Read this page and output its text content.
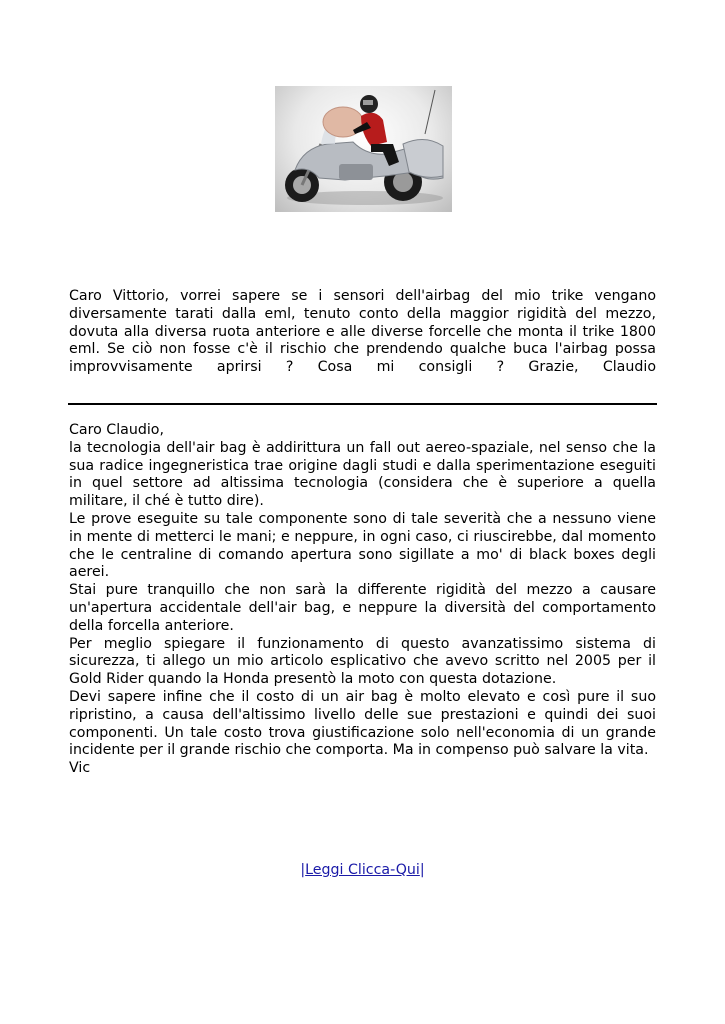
Caro Vittorio, vorrei sapere se i sensori dell'airbag del mio trike vengano diversamente tarati dalla eml, tenuto conto della maggior rigidità del mezzo, dovuta alla diversa ruota anteriore e alle diverse forcelle che monta il trike 1800 eml. Se ciò non fosse c'è il rischio che prendendo qualche buca l'airbag possa improvvisamente aprirsi ? Cosa mi consigli ? Grazie, Claudio

Caro Claudio,

la tecnologia dell'air bag è addirittura un fall out aereo-spaziale, nel senso che la sua radice ingegneristica trae origine dagli studi e dalla sperimentazione eseguiti in quel settore ad altissima tecnologia (considera che è superiore a quella militare, il ché è tutto dire).

Le prove eseguite su tale componente sono di tale severità che a nessuno viene in mente di metterci le mani; e neppure, in ogni caso, ci riuscirebbe, dal momento che le centraline di comando apertura sono sigillate a mo' di black boxes degli aerei.

Stai pure tranquillo che non sarà la differente rigidità del mezzo a causare un'apertura accidentale dell'air bag, e neppure la diversità del comportamento della forcella anteriore.

Per meglio spiegare il funzionamento di questo avanzatissimo sistema di sicurezza, ti allego un mio articolo esplicativo che avevo scritto nel 2005 per il Gold Rider quando la Honda presentò la moto con questa dotazione.

Devi sapere infine che il costo di un air bag è molto elevato e così pure il suo ripristino, a causa dell'altissimo livello delle sue prestazioni e quindi dei suoi componenti. Un tale costo trova giustificazione solo nell'economia di un grande incidente per il grande rischio che comporta. Ma in compenso può salvare la vita.

Vic

|Leggi Clicca-Qui|
